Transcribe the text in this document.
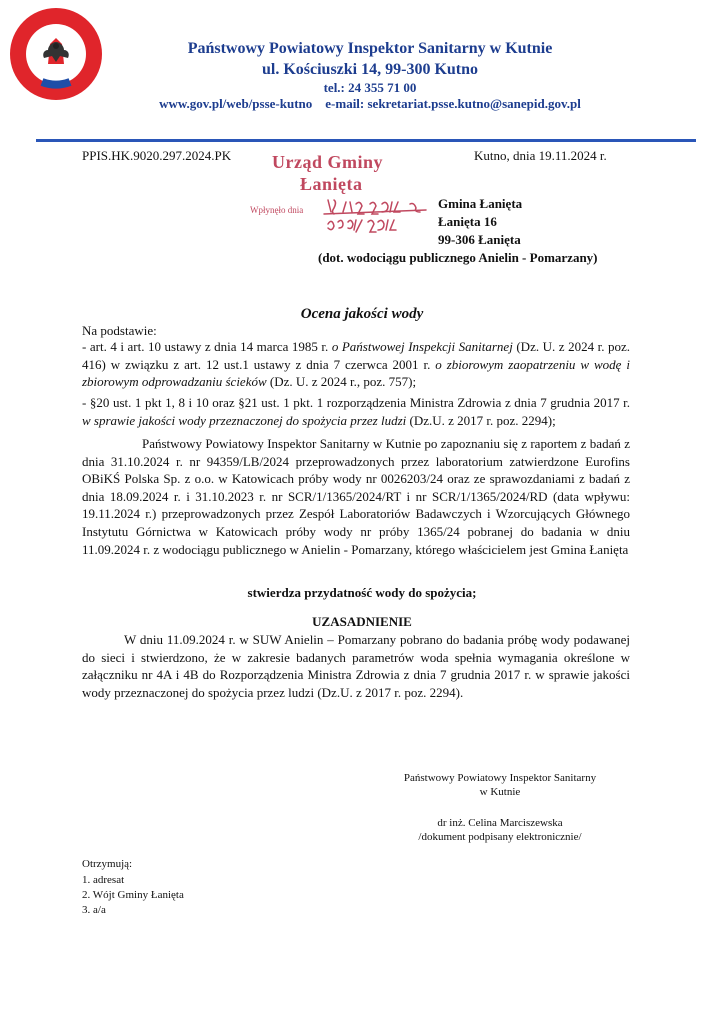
Państwowy Powiatowy Inspektor Sanitarny w Kutnie
ul. Kościuszki 14, 99-300 Kutno
tel.: 24 355 71 00
www.gov.pl/web/psse-kutno    e-mail: sekretariat.psse.kutno@sanepid.gov.pl
PPIS.HK.9020.297.2024.PK	Kutno, dnia 19.11.2024 r.
Urząd Gminy
Łanięta
Wpłynęło dnia	Gmina Łanięta
Łanięta 16
99-306 Łanięta
(dot. wodociągu publicznego Anielin - Pomarzany)
Ocena jakości wody
Na podstawie:
- art. 4 i art. 10 ustawy z dnia 14 marca 1985 r. o Państwowej Inspekcji Sanitarnej (Dz. U. z 2024 r. poz. 416) w związku z art. 12 ust.1 ustawy z dnia 7 czerwca 2001 r. o zbiorowym zaopatrzeniu w wodę i zbiorowym odprowadzaniu ścieków (Dz. U. z 2024 r., poz. 757);
- §20 ust. 1 pkt 1, 8 i 10 oraz §21 ust. 1 pkt. 1 rozporządzenia Ministra Zdrowia z dnia 7 grudnia 2017 r. w sprawie jakości wody przeznaczonej do spożycia przez ludzi (Dz.U. z 2017 r. poz. 2294);
Państwowy Powiatowy Inspektor Sanitarny w Kutnie po zapoznaniu się z raportem z badań z dnia 31.10.2024 r. nr 94359/LB/2024 przeprowadzonych przez laboratorium zatwierdzone Eurofins OBiKŚ Polska Sp. z o.o. w Katowicach próby wody nr 0026203/24 oraz ze sprawozdaniami z badań z dnia 18.09.2024 r. i 31.10.2023 r. nr SCR/1/1365/2024/RT i nr SCR/1/1365/2024/RD (data wpływu: 19.11.2024 r.) przeprowadzonych przez Zespół Laboratoriów Badawczych i Wzorcujących Głównego Instytutu Górnictwa w Katowicach próby wody nr próby 1365/24 pobranej do badania w dniu 11.09.2024 r. z wodociągu publicznego w Anielin - Pomarzany, którego właścicielem jest Gmina Łanięta
stwierdza przydatność wody do spożycia;
UZASADNIENIE
W dniu 11.09.2024 r. w SUW Anielin – Pomarzany pobrano do badania próbę wody podawanej do sieci i stwierdzono, że w zakresie badanych parametrów woda spełnia wymagania określone w załączniku nr 4A i 4B do Rozporządzenia Ministra Zdrowia z dnia 7 grudnia 2017 r. w sprawie jakości wody przeznaczonej do spożycia przez ludzi (Dz.U. z 2017 r. poz. 2294).
Państwowy Powiatowy Inspektor Sanitarny
w Kutnie
dr inż. Celina Marciszewska
/dokument podpisany elektronicznie/
Otrzymują:
1. adresat
2. Wójt Gminy Łanięta
3. a/a
